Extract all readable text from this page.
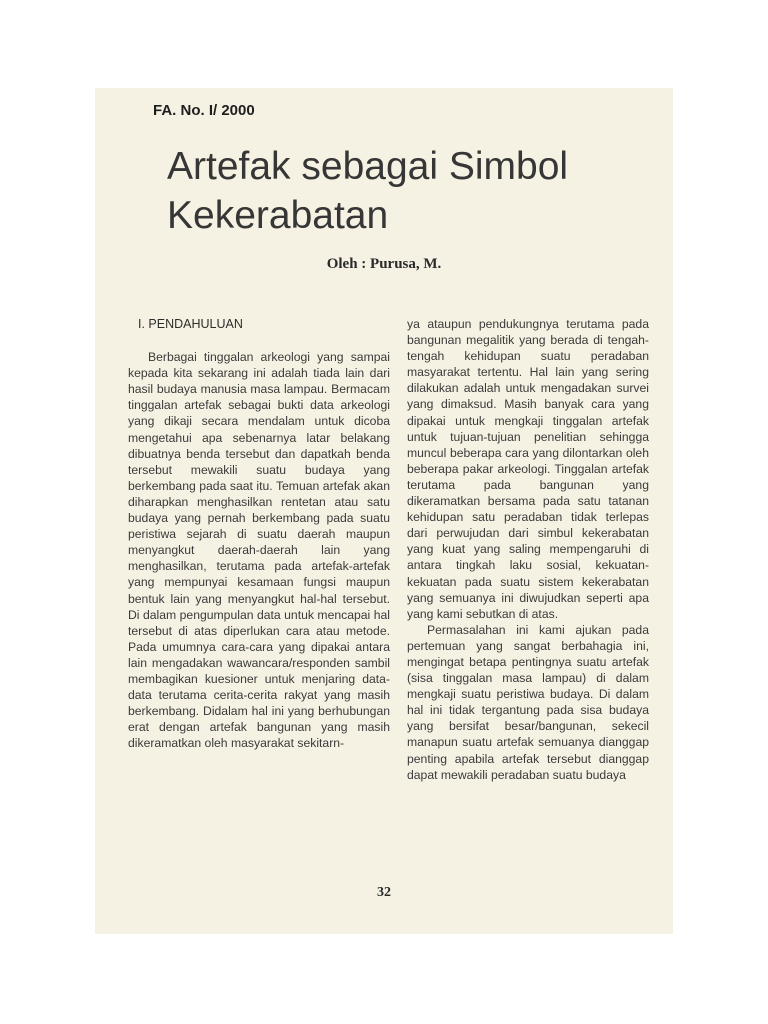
FA. No. I/ 2000
Artefak sebagai Simbol Kekerabatan
Oleh : Purusa, M.
I. PENDAHULUAN

Berbagai tinggalan arkeologi yang sampai kepada kita sekarang ini adalah tiada lain dari hasil budaya manusia masa lampau. Bermacam tinggalan artefak sebagai bukti data arkeologi yang dikaji secara mendalam untuk dicoba mengetahui apa sebenarnya latar belakang dibuatnya benda tersebut dan dapatkah benda tersebut mewakili suatu budaya yang berkembang pada saat itu. Temuan artefak akan diharapkan menghasilkan rentetan atau satu budaya yang pernah berkembang pada suatu peristiwa sejarah di suatu daerah maupun menyangkut daerah-daerah lain yang menghasilkan, terutama pada artefak-artefak yang mempunyai kesamaan fungsi maupun bentuk lain yang menyangkut hal-hal tersebut. Di dalam pengumpulan data untuk mencapai hal tersebut di atas diperlukan cara atau metode. Pada umumnya cara-cara yang dipakai antara lain mengadakan wawancara/responden sambil membagikan kuesioner untuk menjaring data-data terutama cerita-cerita rakyat yang masih berkembang. Didalam hal ini yang berhubungan erat dengan artefak bangunan yang masih dikeramatkan oleh masyarakat sekitarn-

ya ataupun pendukungnya terutama pada bangunan megalitik yang berada di tengah-tengah kehidupan suatu peradaban masyarakat tertentu. Hal lain yang sering dilakukan adalah untuk mengadakan survei yang dimaksud. Masih banyak cara yang dipakai untuk mengkaji tinggalan artefak untuk tujuan-tujuan penelitian sehingga muncul beberapa cara yang dilontarkan oleh beberapa pakar arkeologi. Tinggalan artefak terutama pada bangunan yang dikeramatkan bersama pada satu tatanan kehidupan satu peradaban tidak terlepas dari perwujudan dari simbul kekerabatan yang kuat yang saling mempengaruhi di antara tingkah laku sosial, kekuatan-kekuatan pada suatu sistem kekerabatan yang semuanya ini diwujudkan seperti apa yang kami sebutkan di atas.

Permasalahan ini kami ajukan pada pertemuan yang sangat berbahagia ini, mengingat betapa pentingnya suatu artefak (sisa tinggalan masa lampau) di dalam mengkaji suatu peristiwa budaya. Di dalam hal ini tidak tergantung pada sisa budaya yang bersifat besar/bangunan, sekecil manapun suatu artefak semuanya dianggap penting apabila artefak tersebut dianggap dapat mewakili peradaban suatu budaya

32
